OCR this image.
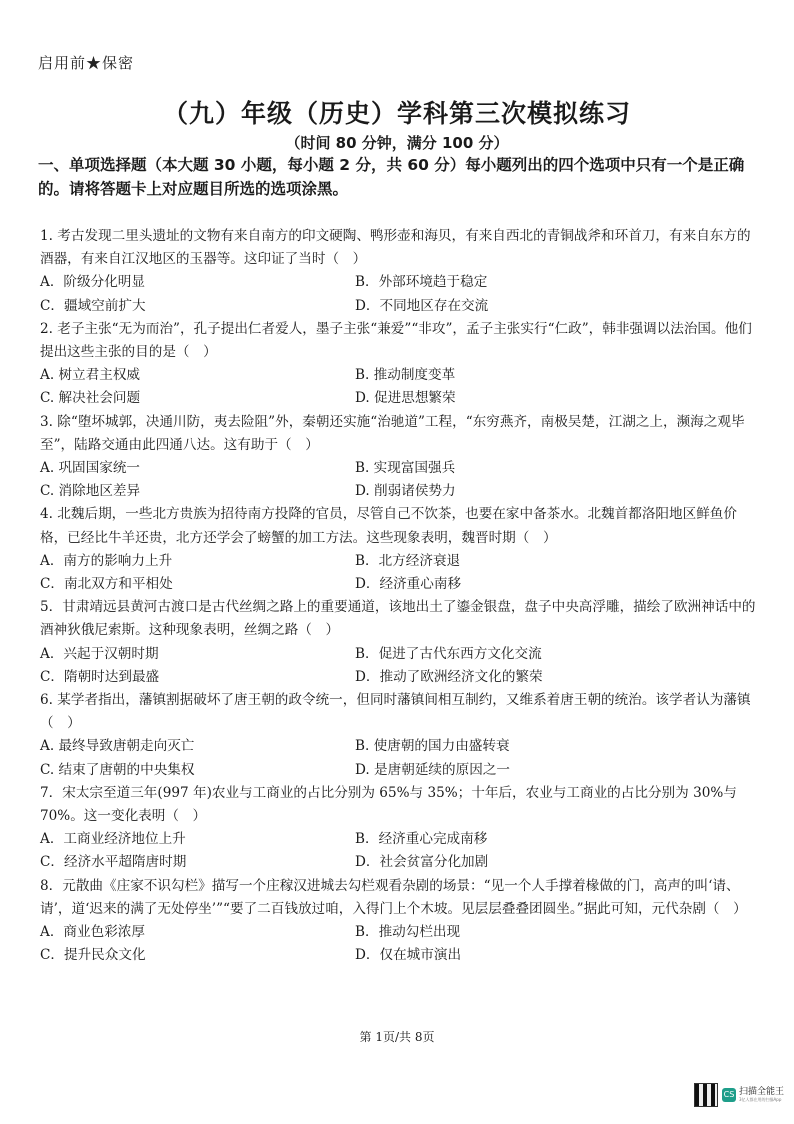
启用前★保密
（九）年级（历史）学科第三次模拟练习
（时间 80 分钟，满分 100 分）
一、单项选择题（本大题 30 小题，每小题 2 分，共 60 分）每小题列出的四个选项中只有一个是正确的。请将答题卡上对应题目所选的选项涂黑。
1. 考古发现二里头遗址的文物有来自南方的印文硬陶、鸭形壶和海贝，有来自西北的青铜战斧和环首刀，有来自东方的酒器，有来自江汉地区的玉器等。这印证了当时（　）
A．阶级分化明显	B．外部环境趋于稳定
C．疆域空前扩大	D．不同地区存在交流
2. 老子主张“无为而治”，孔子提出仁者爱人，墨子主张“兼爱”“非攻”，孟子主张实行“仁政”，韩非强调以法治国。他们提出这些主张的目的是（　）
A. 树立君主权威	B. 推动制度变革
C. 解决社会问题	D. 促进思想繁荣
3. 除“堕坏城郭，决通川防，夷去险阻”外，秦朝还实施“治驰道”工程，“东穷燕齐，南极吴楚，江湖之上，濒海之观毕至”，陆路交通由此四通八达。这有助于（　）
A. 巩固国家统一	B. 实现富国强兵
C. 消除地区差异	D. 削弱诸侯势力
4. 北魏后期，一些北方贵族为招待南方投降的官员，尽管自己不饮茶，也要在家中备茶水。北魏首都洛阳地区鲜鱼价格，已经比牛羊还贵，北方还学会了螃蟹的加工方法。这些现象表明，魏晋时期（　）
A．南方的影响力上升	B．北方经济衰退
C．南北双方和平相处	D．经济重心南移
5．甘肃靖远县黄河古渡口是古代丝绸之路上的重要通道，该地出土了鎏金银盘，盘子中央高浮雕，描绘了欧洲神话中的酒神狄俄尼索斯。这种现象表明，丝绸之路（　）
A．兴起于汉朝时期	B．促进了古代东西方文化交流
C．隋朝时达到最盛	D．推动了欧洲经济文化的繁荣
6. 某学者指出，藩镇割据破坏了唐王朝的政令统一，但同时藩镇间相互制约，又维系着唐王朝的统治。该学者认为藩镇（　）
A. 最终导致唐朝走向灭亡	B. 使唐朝的国力由盛转衰
C. 结束了唐朝的中央集权	D. 是唐朝延续的原因之一
7．宋太宗至道三年(997 年)农业与工商业的占比分别为 65%与 35%；十年后，农业与工商业的占比分别为 30%与 70%。这一变化表明（　）
A．工商业经济地位上升	B．经济重心完成南移
C．经济水平超隋唐时期	D．社会贫富分化加剧
8．元散曲《庄家不识勾栏》描写一个庄稼汉进城去勾栏观看杂剧的场景：“见一个人手撑着椽做的门，高声的叫‘请、请’，道‘迟来的满了无处停坐’”“要了二百钱放过咱，入得门上个木坡。见层层叠叠团圆坐。”据此可知，元代杂剧（　）
A．商业色彩浓厚	B．推动勾栏出现
C．提升民众文化	D．仅在城市演出
第 1页/共 8页
CS 扫描全能王
3亿人都在用的扫描App
